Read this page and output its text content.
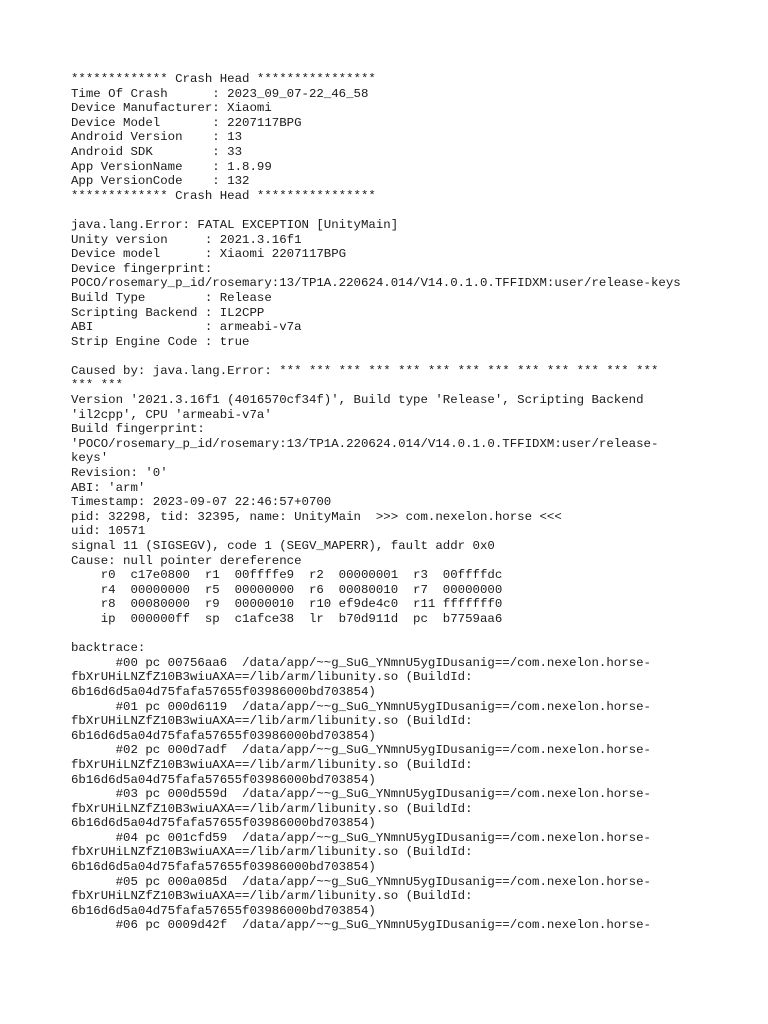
************* Crash Head ****************
Time Of Crash      : 2023_09_07-22_46_58
Device Manufacturer: Xiaomi
Device Model       : 2207117BPG
Android Version    : 13
Android SDK        : 33
App VersionName    : 1.8.99
App VersionCode    : 132
************* Crash Head ****************
java.lang.Error: FATAL EXCEPTION [UnityMain]
Unity version     : 2021.3.16f1
Device model      : Xiaomi 2207117BPG
Device fingerprint:
POCO/rosemary_p_id/rosemary:13/TP1A.220624.014/V14.0.1.0.TFFIDXM:user/release-keys
Build Type        : Release
Scripting Backend : IL2CPP
ABI               : armeabi-v7a
Strip Engine Code : true
Caused by: java.lang.Error: *** *** *** *** *** *** *** *** *** *** *** *** ***
*** ***
Version '2021.3.16f1 (4016570cf34f)', Build type 'Release', Scripting Backend
'il2cpp', CPU 'armeabi-v7a'
Build fingerprint:
'POCO/rosemary_p_id/rosemary:13/TP1A.220624.014/V14.0.1.0.TFFIDXM:user/release-
keys'
Revision: '0'
ABI: 'arm'
Timestamp: 2023-09-07 22:46:57+0700
pid: 32298, tid: 32395, name: UnityMain  >>> com.nexelon.horse <<<
uid: 10571
signal 11 (SIGSEGV), code 1 (SEGV_MAPERR), fault addr 0x0
Cause: null pointer dereference
r0  c17e0800  r1  00ffffe9  r2  00000001  r3  00ffffdc
r4  00000000  r5  00000000  r6  00080010  r7  00000000
r8  00080000  r9  00000010  r10 ef9de4c0  r11 fffffff0
ip  000000ff  sp  c1afce38  lr  b70d911d  pc  b7759aa6
backtrace:
#00 pc 00756aa6  /data/app/~~g_SuG_YNmnU5ygIDusanig==/com.nexelon.horse-
fbXrUHiLNZfZ10B3wiuAXA==/lib/arm/libunity.so (BuildId:
6b16d6d5a04d75fafa57655f03986000bd703854)
#01 pc 000d6119  /data/app/~~g_SuG_YNmnU5ygIDusanig==/com.nexelon.horse-
fbXrUHiLNZfZ10B3wiuAXA==/lib/arm/libunity.so (BuildId:
6b16d6d5a04d75fafa57655f03986000bd703854)
#02 pc 000d7adf  /data/app/~~g_SuG_YNmnU5ygIDusanig==/com.nexelon.horse-
fbXrUHiLNZfZ10B3wiuAXA==/lib/arm/libunity.so (BuildId:
6b16d6d5a04d75fafa57655f03986000bd703854)
#03 pc 000d559d  /data/app/~~g_SuG_YNmnU5ygIDusanig==/com.nexelon.horse-
fbXrUHiLNZfZ10B3wiuAXA==/lib/arm/libunity.so (BuildId:
6b16d6d5a04d75fafa57655f03986000bd703854)
#04 pc 001cfd59  /data/app/~~g_SuG_YNmnU5ygIDusanig==/com.nexelon.horse-
fbXrUHiLNZfZ10B3wiuAXA==/lib/arm/libunity.so (BuildId:
6b16d6d5a04d75fafa57655f03986000bd703854)
#05 pc 000a085d  /data/app/~~g_SuG_YNmnU5ygIDusanig==/com.nexelon.horse-
fbXrUHiLNZfZ10B3wiuAXA==/lib/arm/libunity.so (BuildId:
6b16d6d5a04d75fafa57655f03986000bd703854)
#06 pc 0009d42f  /data/app/~~g_SuG_YNmnU5ygIDusanig==/com.nexelon.horse-
